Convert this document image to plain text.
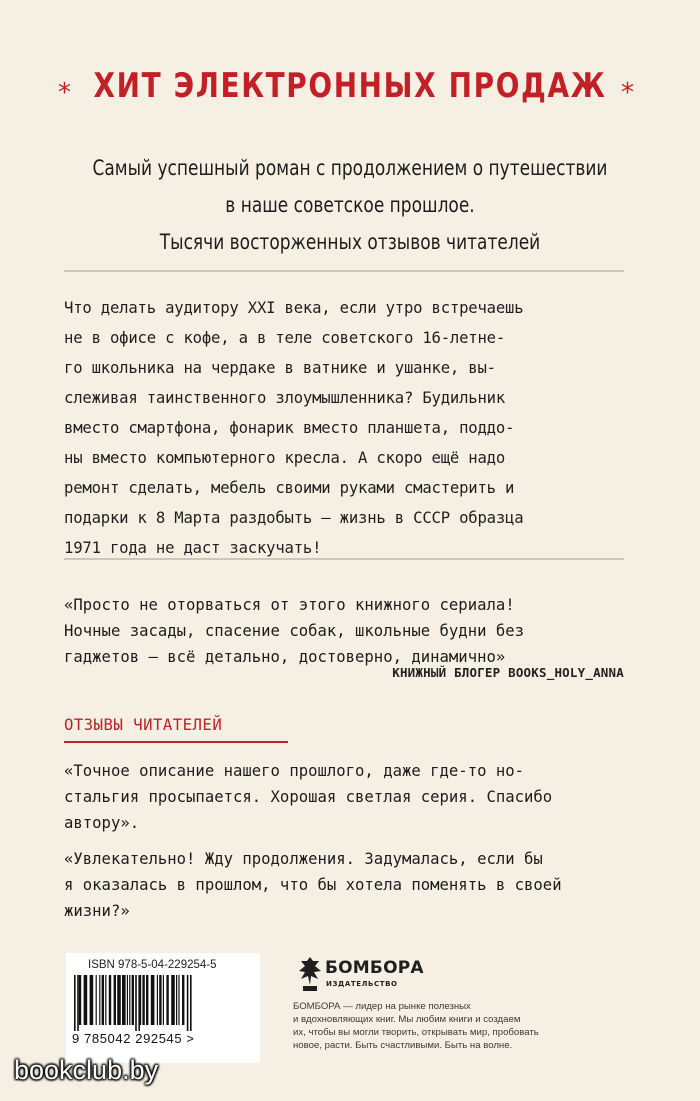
* ХИТ ЭЛЕКТРОННЫХ ПРОДАЖ *
Самый успешный роман с продолжением о путешествии
в наше советское прошлое.
Тысячи восторженных отзывов читателей
Что делать аудитору XXI века, если утро встречаешь
не в офисе с кофе, а в теле советского 16-летне-
го школьника на чердаке в ватнике и ушанке, вы-
слеживая таинственного злоумышленника? Будильник
вместо смартфона, фонарик вместо планшета, поддо-
ны вместо компьютерного кресла. А скоро ещё надо
ремонт сделать, мебель своими руками смастерить и
подарки к 8 Марта раздобыть — жизнь в СССР образца
1971 года не даст заскучать!
«Просто не оторваться от этого книжного сериала!
Ночные засады, спасение собак, школьные будни без
гаджетов — всё детально, достоверно, динамично»
КНИЖНЫЙ БЛОГЕР BOOKS_HOLY_ANNA
ОТЗЫВЫ ЧИТАТЕЛЕЙ
«Точное описание нашего прошлого, даже где-то но-
стальгия просыпается. Хорошая светлая серия. Спасибо
автору».
«Увлекательно! Жду продолжения. Задумалась, если бы
я оказалась в прошлом, что бы хотела поменять в своей
жизни?»
ISBN 978-5-04-229254-5
9 785042 292545 >
БОМБОРА
ИЗДАТЕЛЬСТВО
БОМБОРА — лидер на рынке полезных
и вдохновляющих книг. Мы любим книги и создаем
их, чтобы вы могли творить, открывать мир, пробовать
новое, расти. Быть счастливыми. Быть на волне.
bookclub.by
